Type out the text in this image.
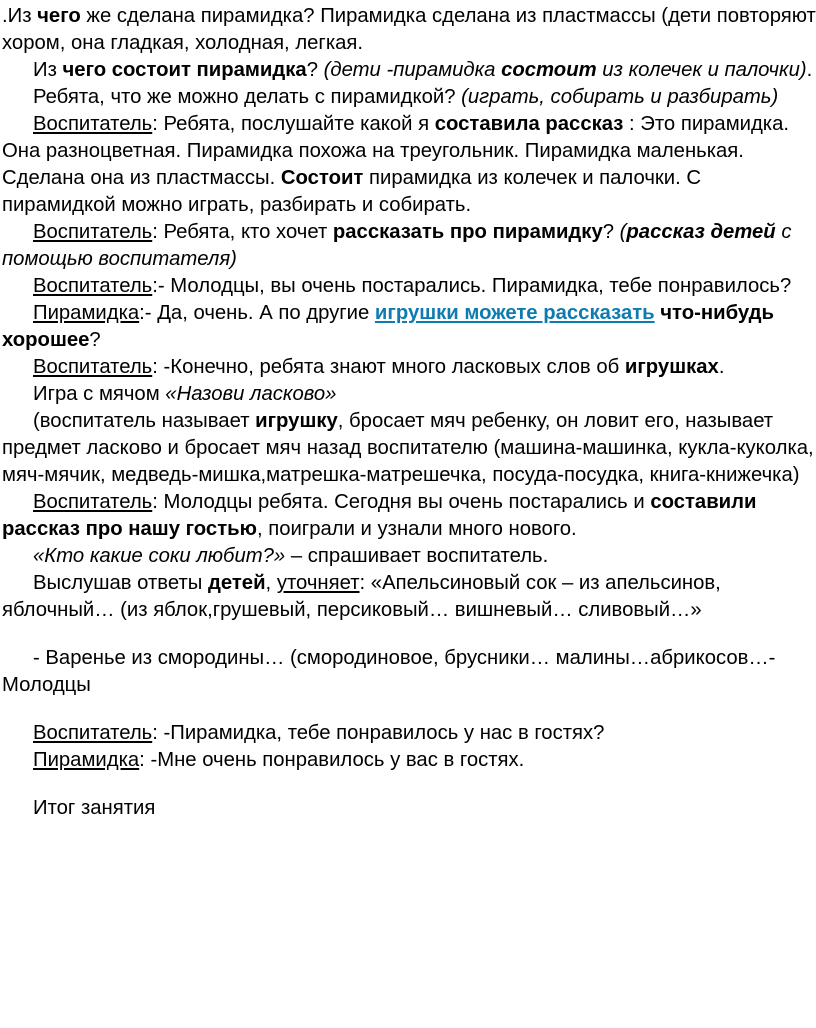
.Из чего же сделана пирамидка? Пирамидка сделана из пластмассы (дети повторяют хором, она гладкая, холодная, легкая.

Из чего состоит пирамидка? (дети -пирамидка состоит из колечек и палочки).

Ребята, что же можно делать с пирамидкой? (играть, собирать и разбирать)

Воспитатель: Ребята, послушайте какой я составила рассказ : Это пирамидка. Она разноцветная. Пирамидка похожа на треугольник. Пирамидка маленькая. Сделана она из пластмассы. Состоит пирамидка из колечек и палочки. С пирамидкой можно играть, разбирать и собирать.

Воспитатель: Ребята, кто хочет рассказать про пирамидку? (рассказ детей с помощью воспитателя)

Воспитатель:- Молодцы, вы очень постарались. Пирамидка, тебе понравилось?

Пирамидка:- Да, очень. А по другие игрушки можете рассказать что-нибудь хорошее?

Воспитатель: -Конечно, ребята знают много ласковых слов об игрушках.

Игра с мячом «Назови ласково»

(воспитатель называет игрушку, бросает мяч ребенку, он ловит его, называет предмет ласково и бросает мяч назад воспитателю (машина-машинка, кукла-куколка, мяч-мячик, медведь-мишка,матрешка-матрешечка, посуда-посудка, книга-книжечка)

Воспитатель: Молодцы ребята. Сегодня вы очень постарались и составили рассказ про нашу гостью, поиграли и узнали много нового.

«Кто какие соки любит?» – спрашивает воспитатель.

Выслушав ответы детей, уточняет: «Апельсиновый сок – из апельсинов, яблочный… (из яблок,грушевый, персиковый… вишневый… сливовый…»

- Варенье из смородины… (смородиновое, брусники… малины…абрикосов…- Молодцы

Воспитатель: -Пирамидка, тебе понравилось у нас в гостях?

Пирамидка: -Мне очень понравилось у вас в гостях.

Итог занятия
